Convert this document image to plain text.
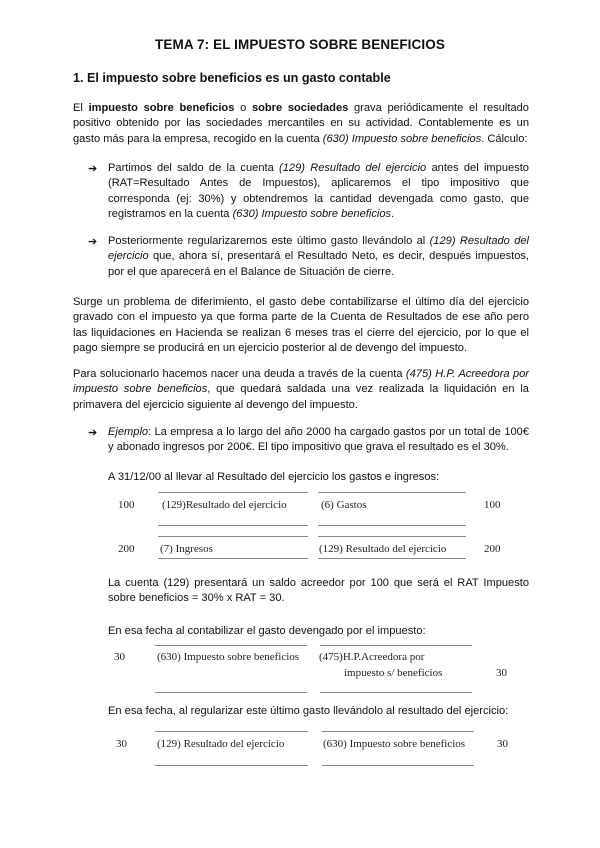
TEMA 7: EL IMPUESTO SOBRE BENEFICIOS
1. El impuesto sobre beneficios es un gasto contable
El impuesto sobre beneficios o sobre sociedades grava periódicamente el resultado positivo obtenido por las sociedades mercantiles en su actividad. Contablemente es un gasto más para la empresa, recogido en la cuenta (630) Impuesto sobre beneficios. Cálculo:
➔ Partimos del saldo de la cuenta (129) Resultado del ejercicio antes del impuesto (RAT=Resultado Antes de Impuestos), aplicaremos el tipo impositivo que corresponda (ej: 30%) y obtendremos la cantidad devengada como gasto, que registramos en la cuenta (630) Impuesto sobre beneficios.
➔ Posteriormente regularizaremos este último gasto llevándolo al (129) Resultado del ejercicio que, ahora sí, presentará el Resultado Neto, es decir, después impuestos, por el que aparecerá en el Balance de Situación de cierre.
Surge un problema de diferimiento, el gasto debe contabilizarse el último día del ejercicio gravado con el impuesto ya que forma parte de la Cuenta de Resultados de ese año pero las liquidaciones en Hacienda se realizan 6 meses tras el cierre del ejercicio, por lo que el pago siempre se producirá en un ejercicio posterior al de devengo del impuesto.
Para solucionarlo hacemos nacer una deuda a través de la cuenta (475) H.P. Acreedora por impuesto sobre beneficios, que quedará saldada una vez realizada la liquidación en la primavera del ejercicio siguiente al devengo del impuesto.
➔ Ejemplo: La empresa a lo largo del año 2000 ha cargado gastos por un total de 100€ y abonado ingresos por 200€. El tipo impositivo que grava el resultado es el 30%.
A 31/12/00 al llevar al Resultado del ejercicio los gastos e ingresos:
100	(129)Resultado del ejercicio	(6) Gastos	100
200 (7) Ingresos	(129) Resultado del ejercicio	200
La cuenta (129) presentará un saldo acreedor por 100 que será el RAT Impuesto sobre beneficios = 30% x RAT = 30.
En esa fecha al contabilizar el gasto devengado por el impuesto:
30	(630) Impuesto sobre beneficios (475)H.P.Acreedora por
impuesto s/ beneficios	30
En esa fecha, al regularizar este último gasto llevándolo al resultado del ejercicio:
30	(129) Resultado del ejercicio	(630) Impuesto sobre beneficios	30
